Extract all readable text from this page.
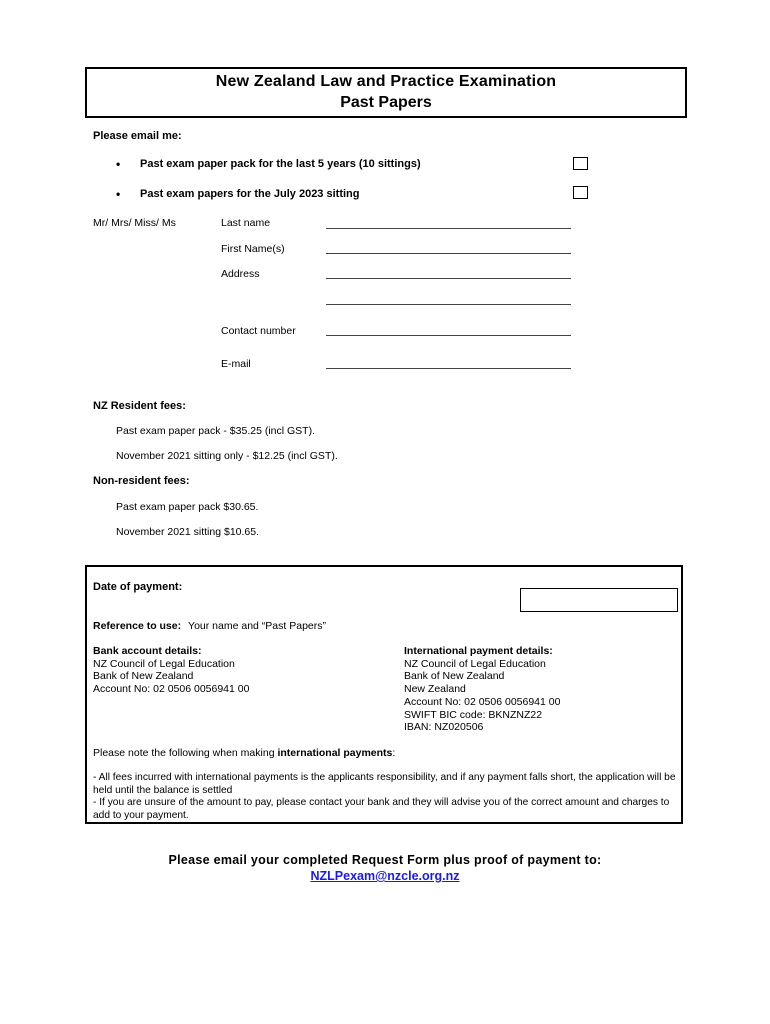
New Zealand Law and Practice Examination
Past Papers
Please email me:
• Past exam paper pack for the last 5 years (10 sittings)
• Past exam papers for the July 2023 sitting
Mr/ Mrs/ Miss/ Ms	Last name
First Name(s)
Address
Contact number
E-mail
NZ Resident fees:
Past exam paper pack - $35.25 (incl GST).
November 2021 sitting only - $12.25 (incl GST).
Non-resident fees:
Past exam paper pack $30.65.
November 2021 sitting $10.65.
Date of payment:
Reference to use: Your name and “Past Papers”
Bank account details:
NZ Council of Legal Education
Bank of New Zealand
Account No: 02 0506 0056941 00
International payment details:
NZ Council of Legal Education
Bank of New Zealand
New Zealand
Account No: 02 0506 0056941 00
SWIFT BIC code: BKNZNZ22
IBAN: NZ020506
Please note the following when making international payments:
- All fees incurred with international payments is the applicants responsibility, and if any payment falls short, the application will be held until the balance is settled
- If you are unsure of the amount to pay, please contact your bank and they will advise you of the correct amount and charges to add to your payment.
Please email your completed Request Form plus proof of payment to:
NZLPexam@nzcle.org.nz
